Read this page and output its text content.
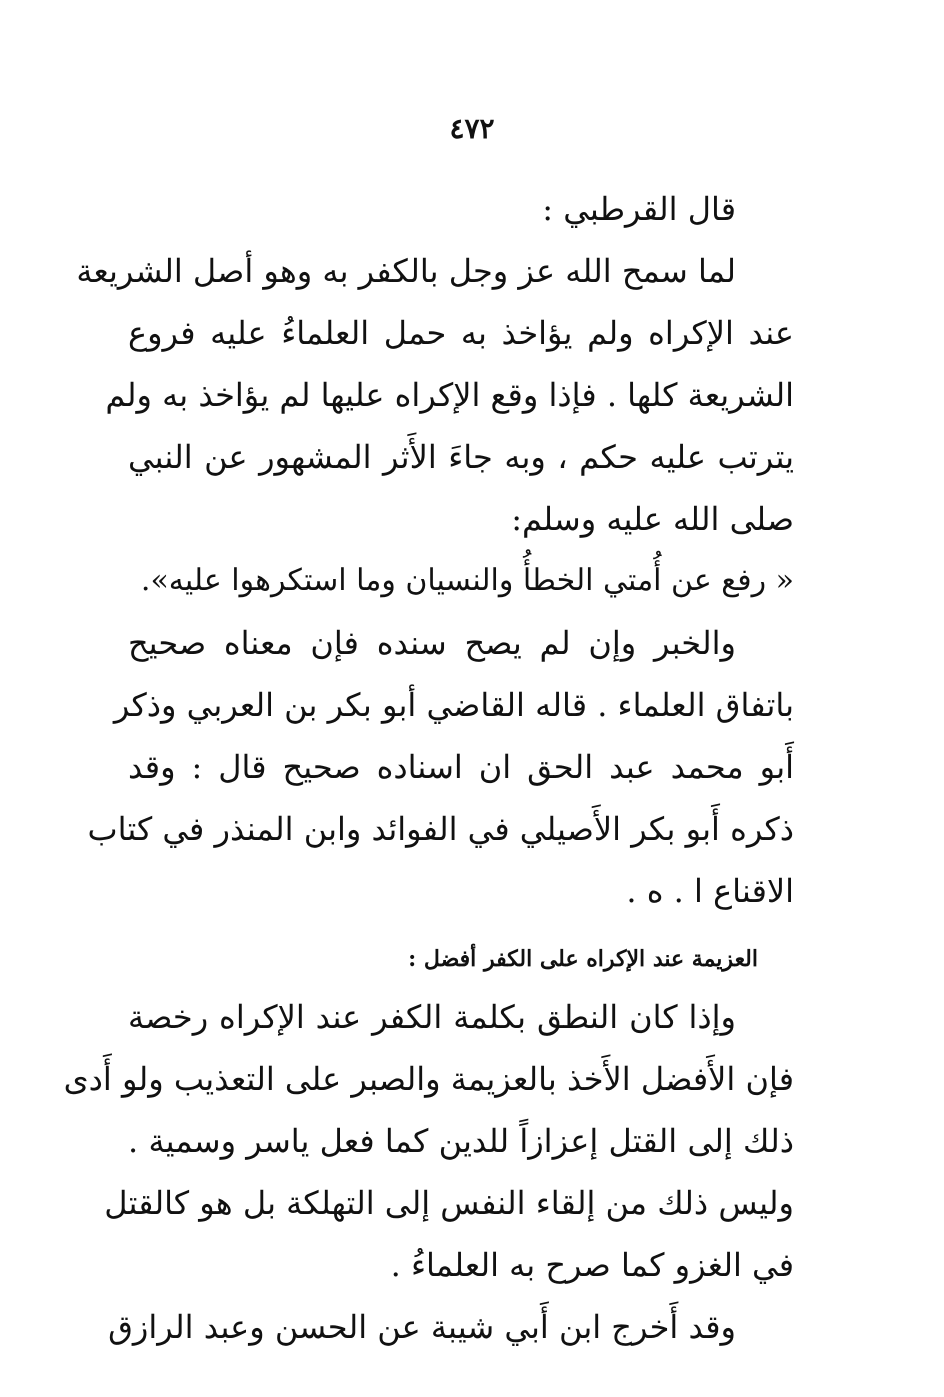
٤٧٢
قال القرطبي :
لما سمح الله عز وجل بالكفر به وهو أصل الشريعة
عند الإكراه ولم يؤاخذ به حمل العلماءُ عليه فروع
الشريعة كلها . فإذا وقع الإكراه عليها لم يؤاخذ به ولم
يترتب عليه حكم ، وبه جاءَ الأَثر المشهور عن النبي
صلى الله عليه وسلم:
« رفع عن أُمتي الخطأُ والنسيان وما استكرهوا عليه».
والخبر وإن لم يصح سنده فإن معناه صحيح
باتفاق العلماء . قاله القاضي أبو بكر بن العربي وذكر
أَبو محمد عبد الحق ان اسناده صحيح قال : وقد
ذكره أَبو بكر الأَصيلي في الفوائد وابن المنذر في كتاب
الاقناع ا . ه .
العزيمة عند الإكراه على الكفر أفضل :
وإذا كان النطق بكلمة الكفر عند الإكراه رخصة
فإن الأَفضل الأَخذ بالعزيمة والصبر على التعذيب ولو أَدى
ذلك إلى القتل إعزازاً للدين كما فعل ياسر وسمية .
وليس ذلك من إلقاء النفس إلى التهلكة بل هو كالقتل
في الغزو كما صرح به العلماءُ .
وقد أَخرج ابن أَبي شيبة عن الحسن وعبد الرازق
